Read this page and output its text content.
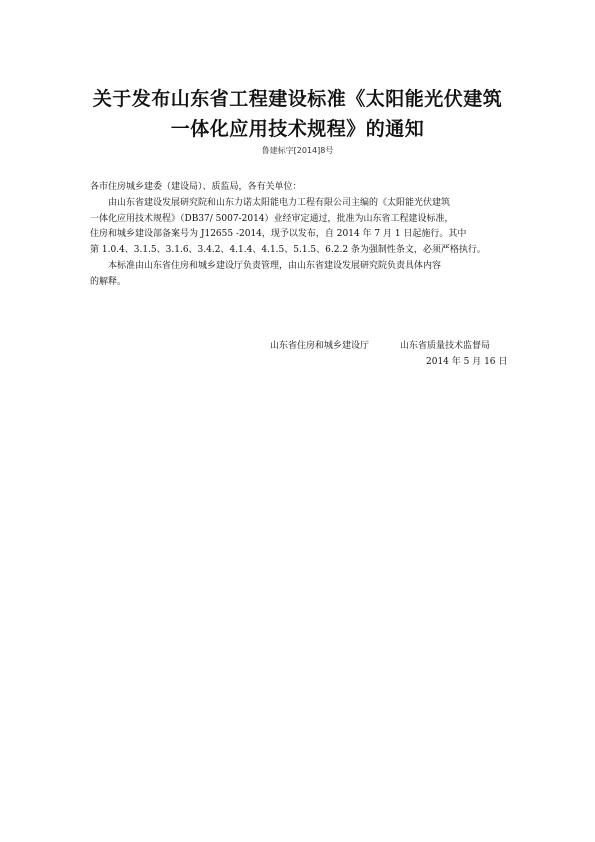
关于发布山东省工程建设标准《太阳能光伏建筑
一体化应用技术规程》的通知
鲁建标字[2014]8号
各市住房城乡建委（建设局）、质监局，各有关单位：
由山东省建设发展研究院和山东力诺太阳能电力工程有限公司主编的《太阳能光伏建筑
一体化应用技术规程》（DB37/ 5007-2014）业经审定通过，批准为山东省工程建设标准，
住房和城乡建设部备案号为 J12655 -2014，现予以发布，自 2014 年 7 月 1 日起施行。其中
第 1.0.4、3.1.5、3.1.6、3.4.2、4.1.4、4.1.5、5.1.5、6.2.2 条为强制性条文，必须严格执行。
本标准由山东省住房和城乡建设厅负责管理，由山东省建设发展研究院负责具体内容
的解释。
山东省住房和城乡建设厅	山东省质量技术监督局
2014 年 5 月 16 日
